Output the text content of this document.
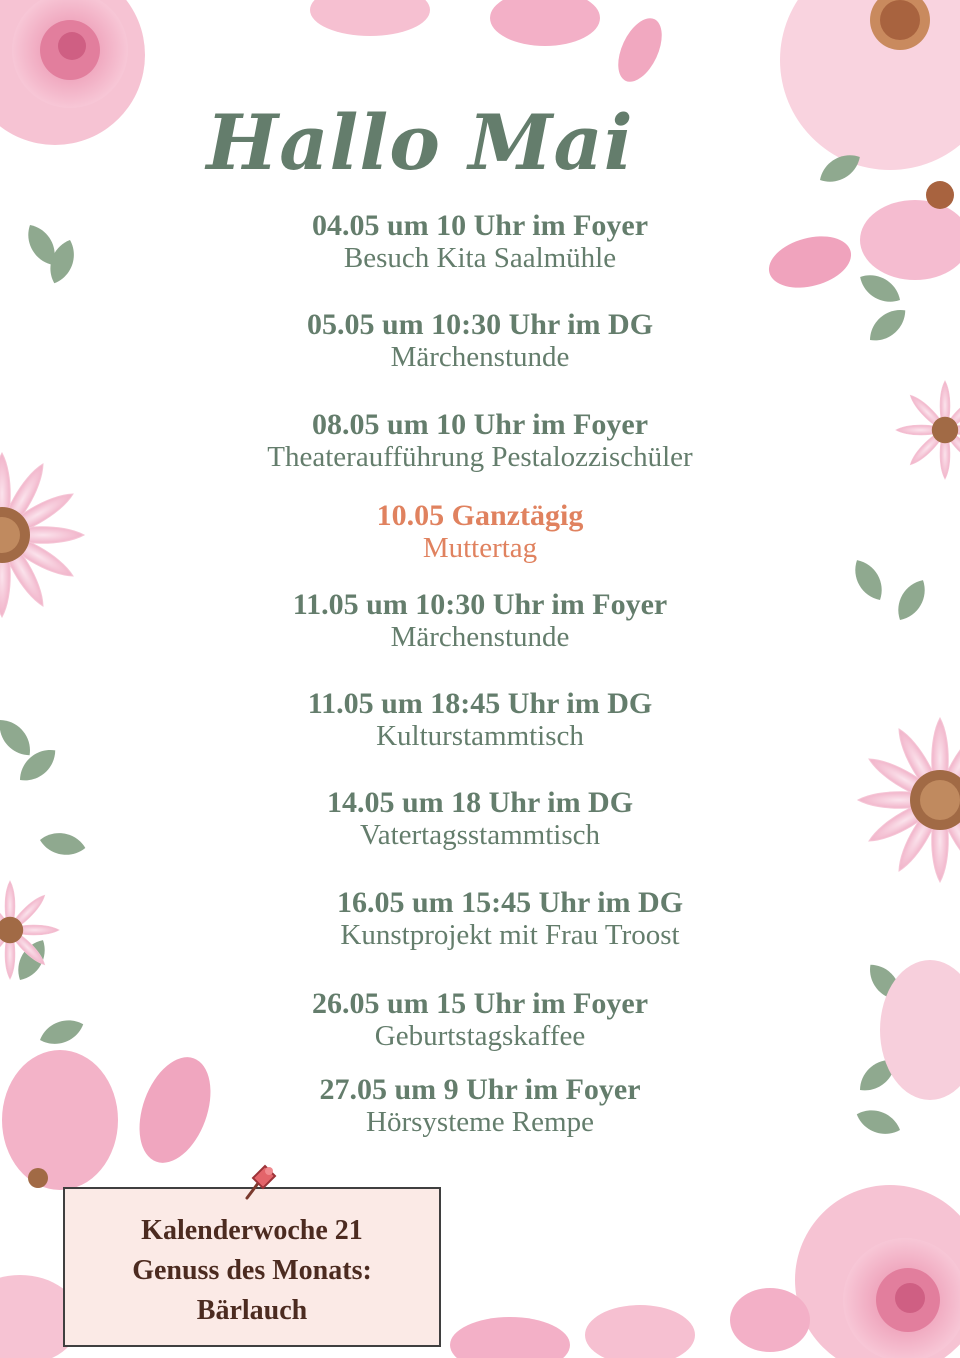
Hallo Mai
04.05 um 10 Uhr im Foyer
Besuch Kita Saalmühle
05.05 um 10:30 Uhr im DG
Märchenstunde
08.05 um 10 Uhr im Foyer
Theateraufführung Pestalozzischüler
10.05 Ganztägig
Muttertag
11.05 um 10:30 Uhr im Foyer
Märchenstunde
11.05 um 18:45 Uhr im DG
Kulturstammtisch
14.05 um 18 Uhr im DG
Vatertagsstammtisch
16.05 um 15:45 Uhr im DG
Kunstprojekt mit Frau Troost
26.05 um 15 Uhr im Foyer
Geburtstagskaffee
27.05 um 9 Uhr im Foyer
Hörsysteme Rempe
Kalenderwoche 21
Genuss des Monats:
Bärlauch
